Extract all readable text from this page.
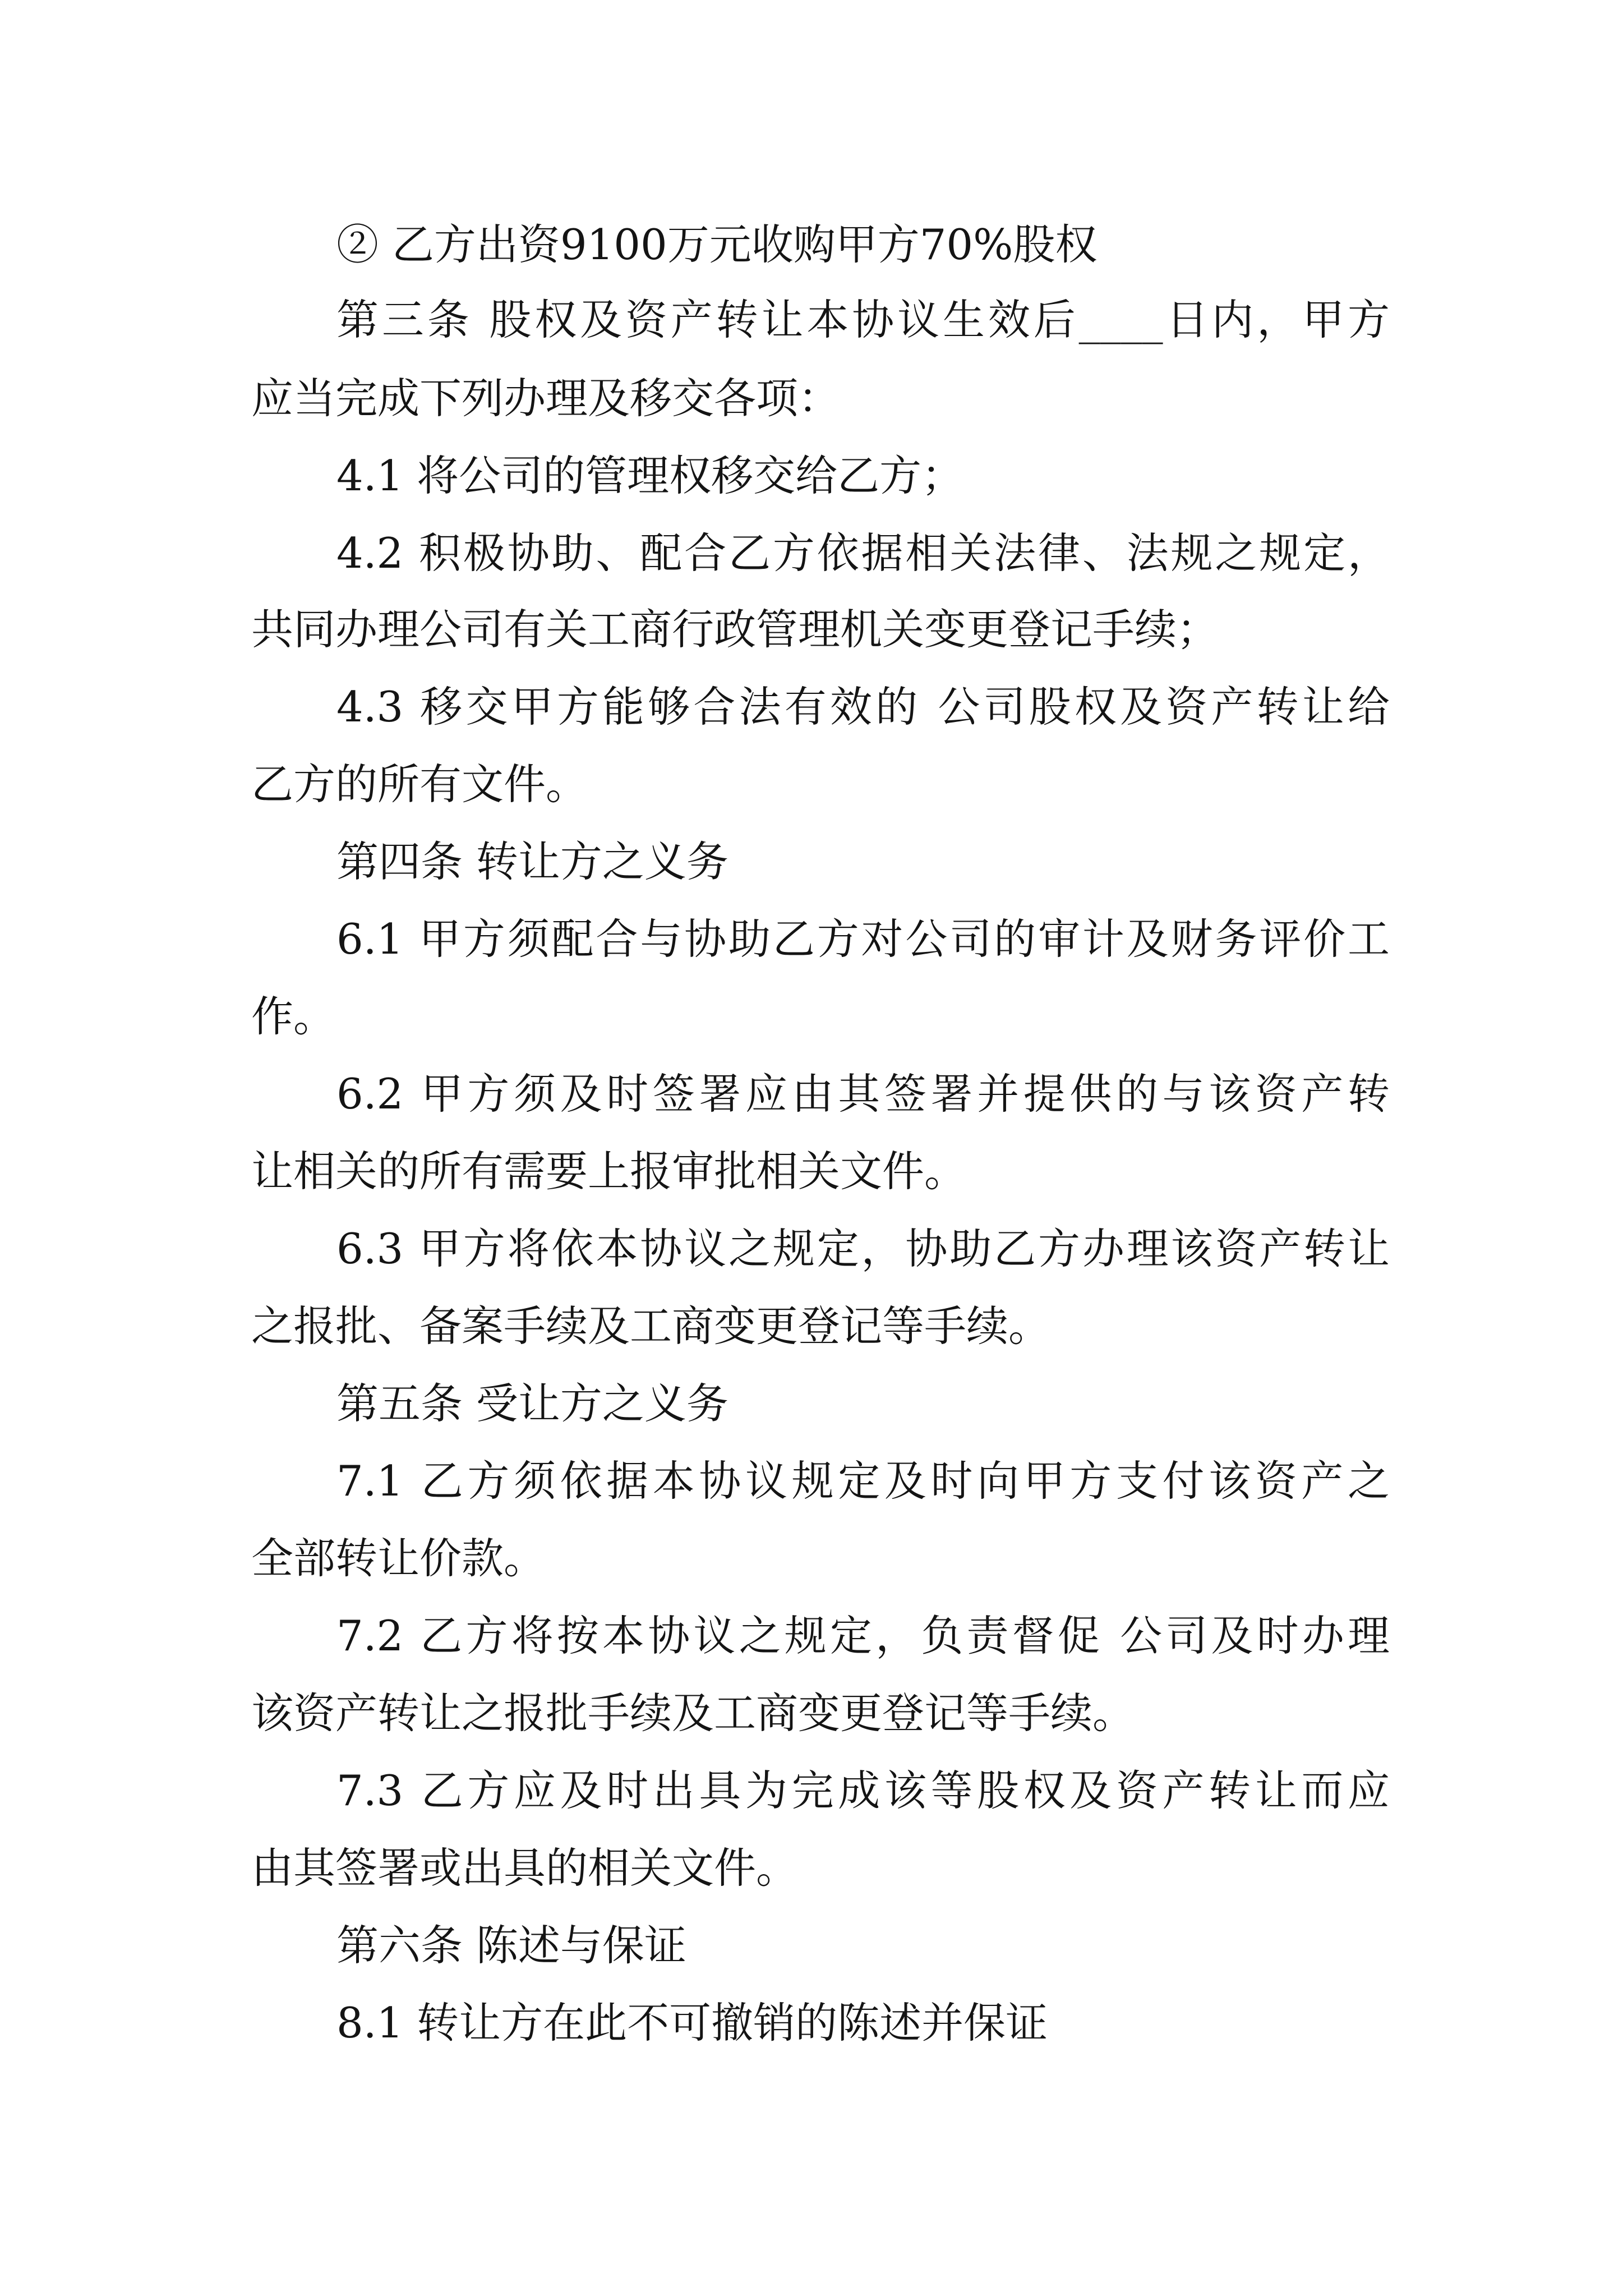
② 乙方出资9100万元收购甲方70%股权
第三条 股权及资产转让本协议生效后____日内，甲方
应当完成下列办理及移交各项：
4.1 将公司的管理权移交给乙方；
4.2 积极协助、配合乙方依据相关法律、法规之规定，
共同办理公司有关工商行政管理机关变更登记手续；
4.3 移交甲方能够合法有效的 公司股权及资产转让给
乙方的所有文件。
第四条 转让方之义务
6.1 甲方须配合与协助乙方对公司的审计及财务评价工
作。
6.2 甲方须及时签署应由其签署并提供的与该资产转
让相关的所有需要上报审批相关文件。
6.3 甲方将依本协议之规定，协助乙方办理该资产转让
之报批、备案手续及工商变更登记等手续。
第五条 受让方之义务
7.1 乙方须依据本协议规定及时向甲方支付该资产之
全部转让价款。
7.2 乙方将按本协议之规定，负责督促 公司及时办理
该资产转让之报批手续及工商变更登记等手续。
7.3 乙方应及时出具为完成该等股权及资产转让而应
由其签署或出具的相关文件。
第六条 陈述与保证
8.1 转让方在此不可撤销的陈述并保证
